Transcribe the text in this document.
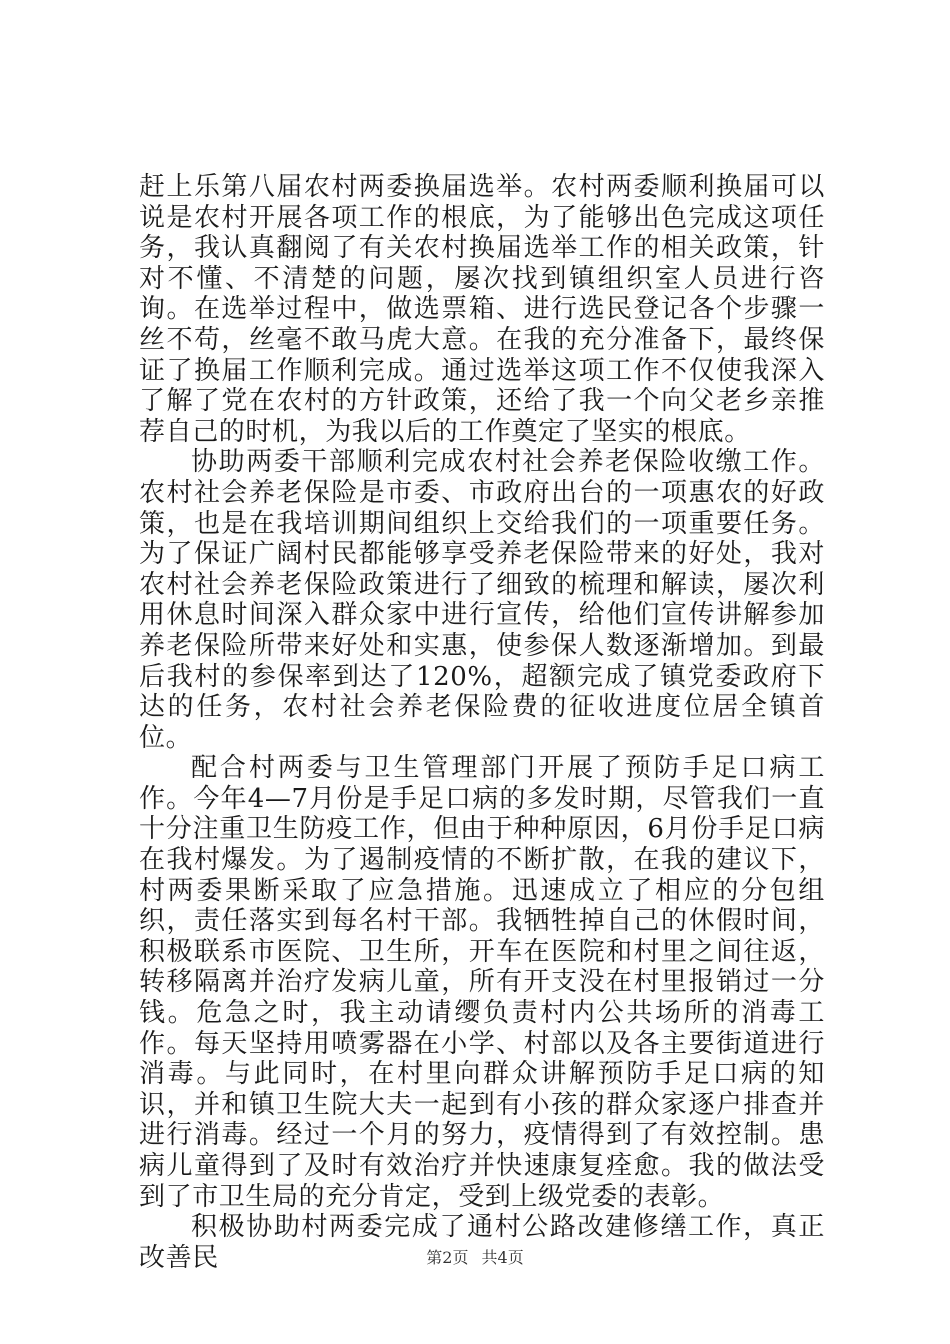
赶上乐第八届农村两委换届选举。农村两委顺利换届可以说是农村开展各项工作的根底，为了能够出色完成这项任务，我认真翻阅了有关农村换届选举工作的相关政策，针对不懂、不清楚的问题，屡次找到镇组织室人员进行咨询。在选举过程中，做选票箱、进行选民登记各个步骤一丝不苟，丝毫不敢马虎大意。在我的充分准备下，最终保证了换届工作顺利完成。通过选举这项工作不仅使我深入了解了党在农村的方针政策，还给了我一个向父老乡亲推荐自己的时机，为我以后的工作奠定了坚实的根底。

协助两委干部顺利完成农村社会养老保险收缴工作。农村社会养老保险是市委、市政府出台的一项惠农的好政策，也是在我培训期间组织上交给我们的一项重要任务。为了保证广阔村民都能够享受养老保险带来的好处，我对农村社会养老保险政策进行了细致的梳理和解读，屡次利用休息时间深入群众家中进行宣传，给他们宣传讲解参加养老保险所带来好处和实惠，使参保人数逐渐增加。到最后我村的参保率到达了120%，超额完成了镇党委政府下达的任务，农村社会养老保险费的征收进度位居全镇首位。

配合村两委与卫生管理部门开展了预防手足口病工作。今年4—7月份是手足口病的多发时期，尽管我们一直十分注重卫生防疫工作，但由于种种原因，6月份手足口病在我村爆发。为了遏制疫情的不断扩散，在我的建议下，村两委果断采取了应急措施。迅速成立了相应的分包组织，责任落实到每名村干部。我牺牲掉自己的休假时间，积极联系市医院、卫生所，开车在医院和村里之间往返，转移隔离并治疗发病儿童，所有开支没在村里报销过一分钱。危急之时，我主动请缨负责村内公共场所的消毒工作。每天坚持用喷雾器在小学、村部以及各主要街道进行消毒。与此同时，在村里向群众讲解预防手足口病的知识，并和镇卫生院大夫一起到有小孩的群众家逐户排查并进行消毒。经过一个月的努力，疫情得到了有效控制。患病儿童得到了及时有效治疗并快速康复痊愈。我的做法受到了市卫生局的充分肯定，受到上级党委的表彰。

积极协助村两委完成了通村公路改建修缮工作，真正改善民	第2页 共4页
